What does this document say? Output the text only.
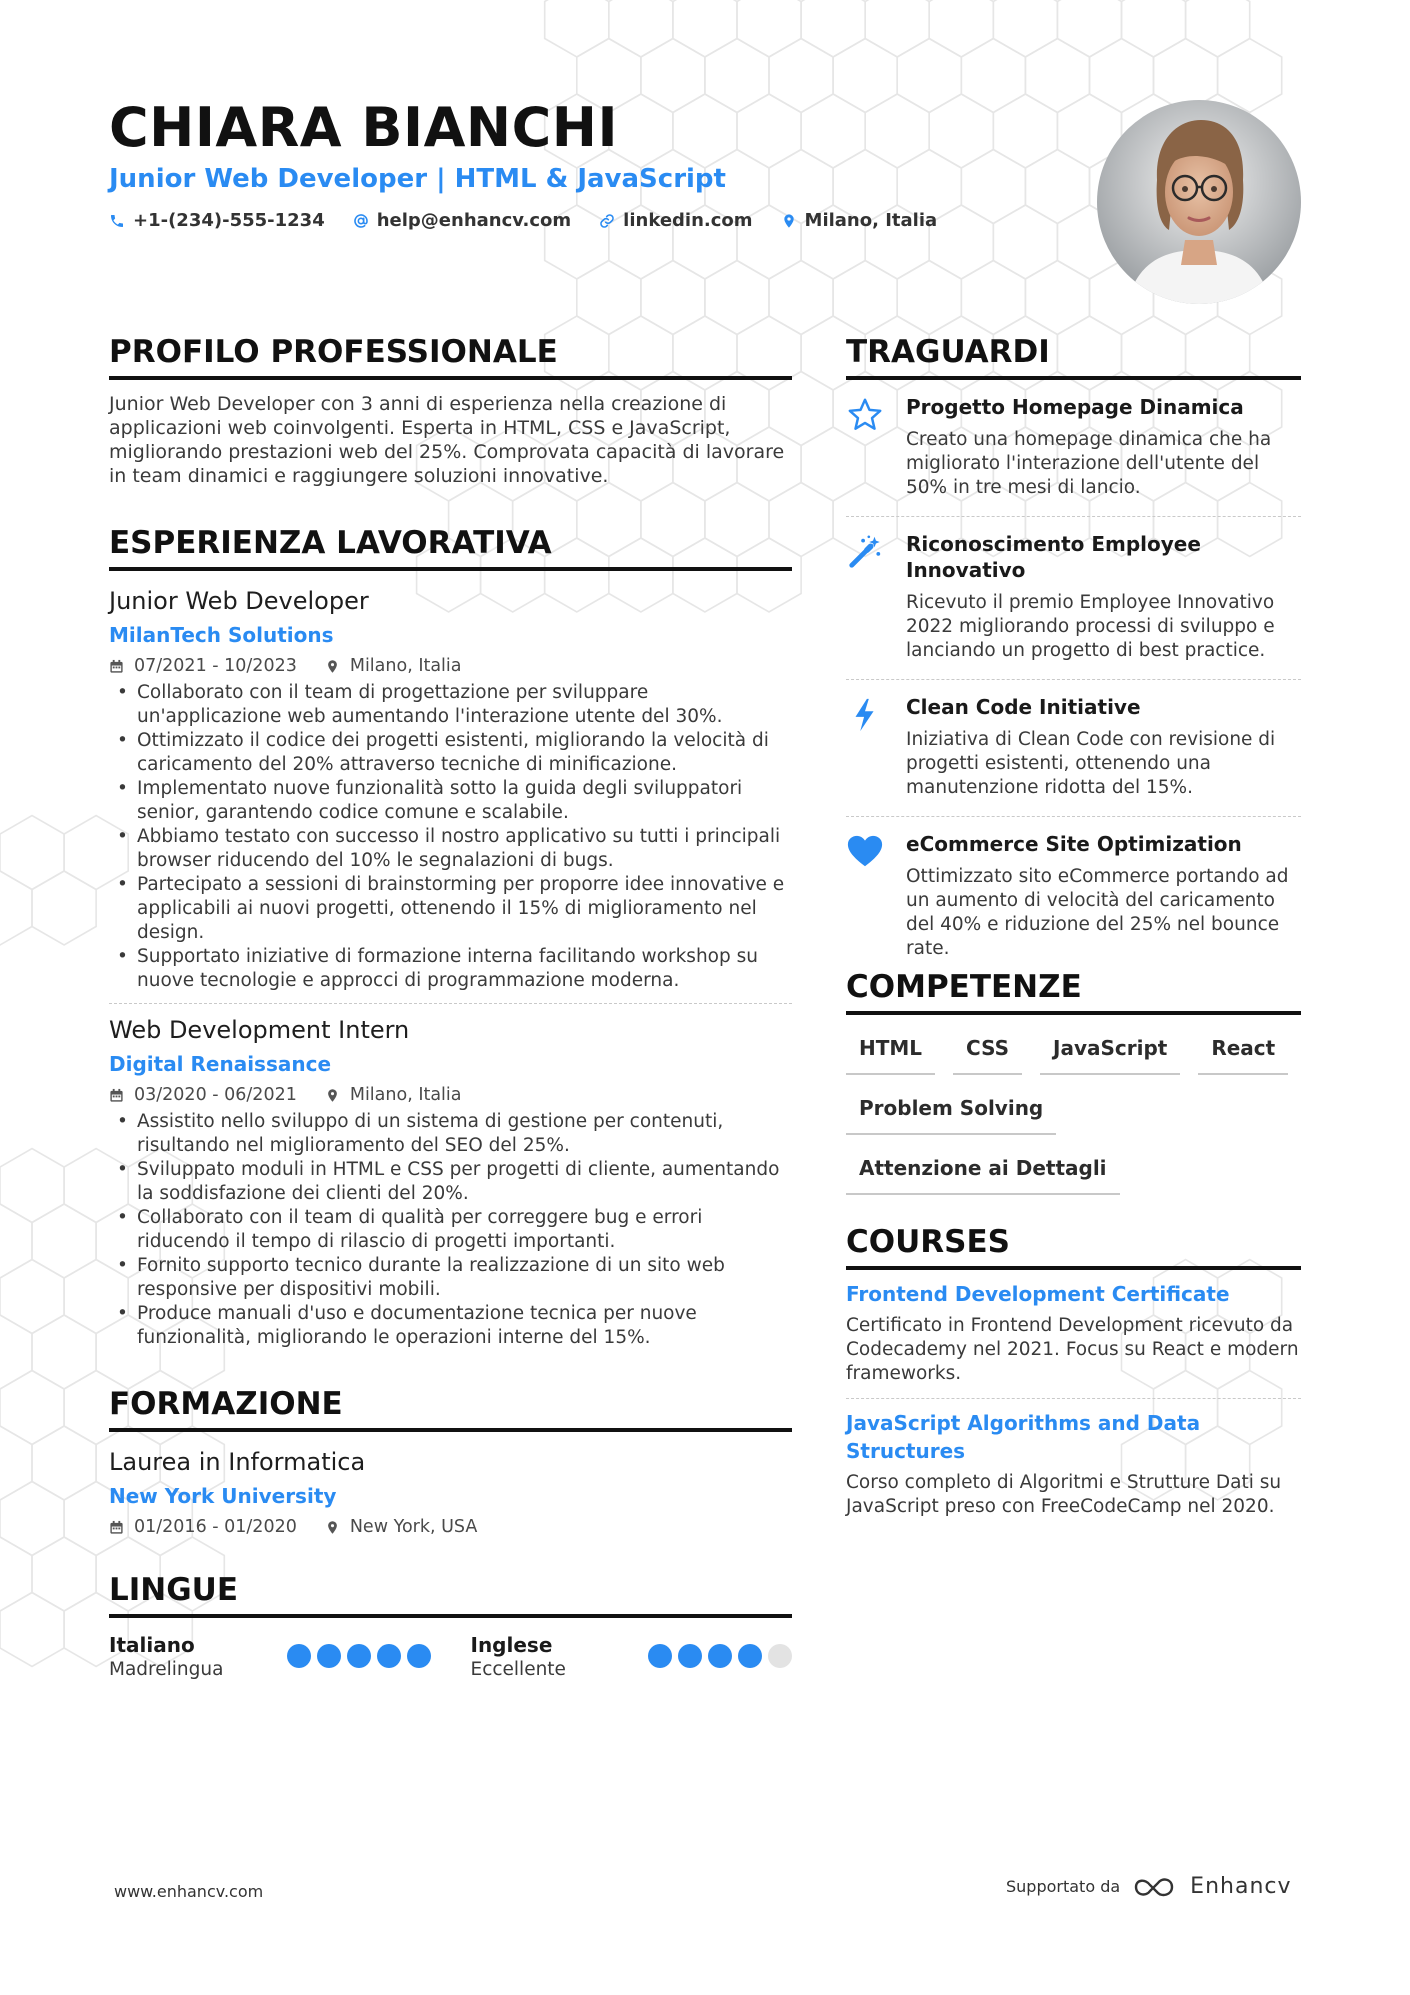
CHIARA BIANCHI
Junior Web Developer | HTML & JavaScript
+1-(234)-555-1234	help@enhancv.com	linkedin.com	Milano, Italia
PROFILO PROFESSIONALE
Junior Web Developer con 3 anni di esperienza nella creazione di applicazioni web coinvolgenti. Esperta in HTML, CSS e JavaScript, migliorando prestazioni web del 25%. Comprovata capacità di lavorare in team dinamici e raggiungere soluzioni innovative.
ESPERIENZA LAVORATIVA
Junior Web Developer
MilanTech Solutions
07/2021 - 10/2023	Milano, Italia
• Collaborato con il team di progettazione per sviluppare un'applicazione web aumentando l'interazione utente del 30%.
• Ottimizzato il codice dei progetti esistenti, migliorando la velocità di caricamento del 20% attraverso tecniche di minificazione.
• Implementato nuove funzionalità sotto la guida degli sviluppatori senior, garantendo codice comune e scalabile.
• Abbiamo testato con successo il nostro applicativo su tutti i principali browser riducendo del 10% le segnalazioni di bugs.
• Partecipato a sessioni di brainstorming per proporre idee innovative e applicabili ai nuovi progetti, ottenendo il 15% di miglioramento nel design.
• Supportato iniziative di formazione interna facilitando workshop su nuove tecnologie e approcci di programmazione moderna.
Web Development Intern
Digital Renaissance
03/2020 - 06/2021	Milano, Italia
• Assistito nello sviluppo di un sistema di gestione per contenuti, risultando nel miglioramento del SEO del 25%.
• Sviluppato moduli in HTML e CSS per progetti di cliente, aumentando la soddisfazione dei clienti del 20%.
• Collaborato con il team di qualità per correggere bug e errori riducendo il tempo di rilascio di progetti importanti.
• Fornito supporto tecnico durante la realizzazione di un sito web responsive per dispositivi mobili.
• Produce manuali d'uso e documentazione tecnica per nuove funzionalità, migliorando le operazioni interne del 15%.
FORMAZIONE
Laurea in Informatica
New York University
01/2016 - 01/2020	New York, USA
LINGUE
Italiano
Madrelingua
Inglese
Eccellente
TRAGUARDI
Progetto Homepage Dinamica
Creato una homepage dinamica che ha migliorato l'interazione dell'utente del 50% in tre mesi di lancio.
Riconoscimento Employee Innovativo
Ricevuto il premio Employee Innovativo 2022 migliorando processi di sviluppo e lanciando un progetto di best practice.
Clean Code Initiative
Iniziativa di Clean Code con revisione di progetti esistenti, ottenendo una manutenzione ridotta del 15%.
eCommerce Site Optimization
Ottimizzato sito eCommerce portando ad un aumento di velocità del caricamento del 40% e riduzione del 25% nel bounce rate.
COMPETENZE
HTML	CSS	JavaScript	React
Problem Solving
Attenzione ai Dettagli
COURSES
Frontend Development Certificate
Certificato in Frontend Development ricevuto da Codecademy nel 2021. Focus su React e modern frameworks.
JavaScript Algorithms and Data Structures
Corso completo di Algoritmi e Strutture Dati su JavaScript preso con FreeCodeCamp nel 2020.
www.enhancv.com	Supportato da	Enhancv
